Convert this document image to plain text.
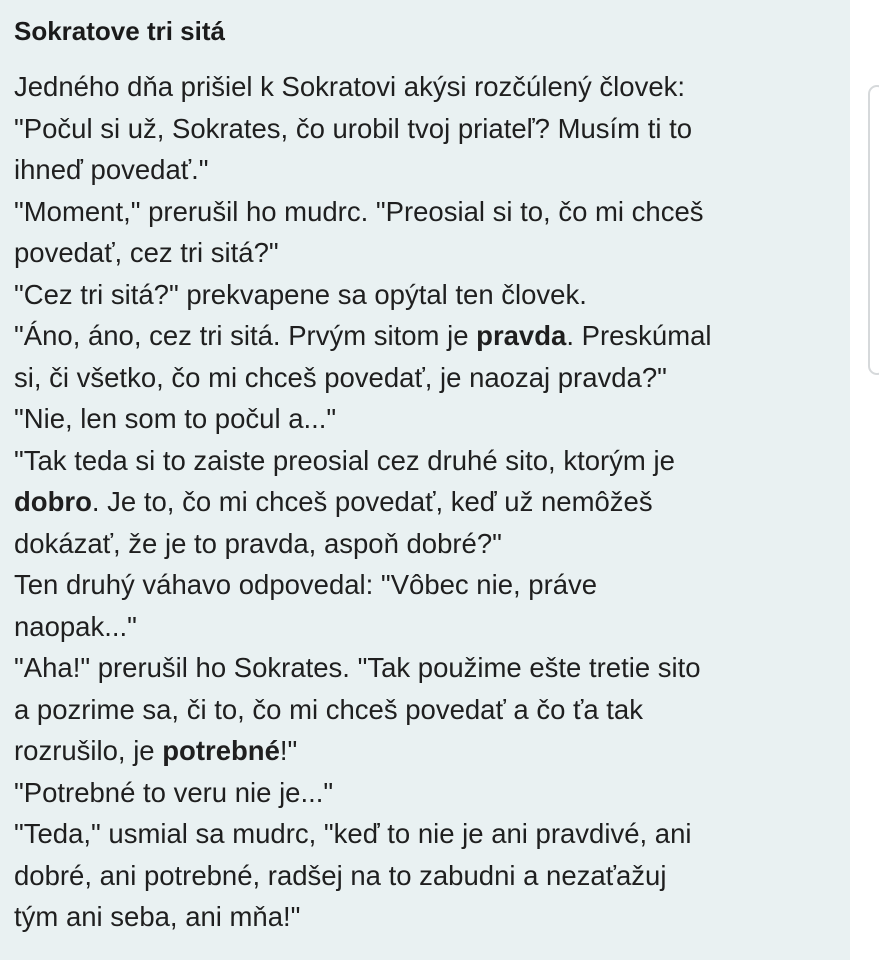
Sokratove tri sitá
Jedného dňa prišiel k Sokratovi akýsi rozčúlený človek:
"Počul si už, Sokrates, čo urobil tvoj priateľ? Musím ti to
ihneď povedať."
"Moment," prerušil ho mudrc. "Preosial si to, čo mi chceš
povedať, cez tri sitá?"
"Cez tri sitá?" prekvapene sa opýtal ten človek.
"Áno, áno, cez tri sitá. Prvým sitom je pravda. Preskúmal
si, či všetko, čo mi chceš povedať, je naozaj pravda?"
"Nie, len som to počul a..."
"Tak teda si to zaiste preosial cez druhé sito, ktorým je
dobro. Je to, čo mi chceš povedať, keď už nemôžeš
dokázať, že je to pravda, aspoň dobré?"
Ten druhý váhavo odpovedal: "Vôbec nie, práve
naopak..."
"Aha!" prerušil ho Sokrates. "Tak použime ešte tretie sito
a pozrime sa, či to, čo mi chceš povedať a čo ťa tak
rozrušilo, je potrebné!"
"Potrebné to veru nie je..."
"Teda," usmial sa mudrc, "keď to nie je ani pravdivé, ani
dobré, ani potrebné, radšej na to zabudni a nezaťažuj
tým ani seba, ani mňa!"
